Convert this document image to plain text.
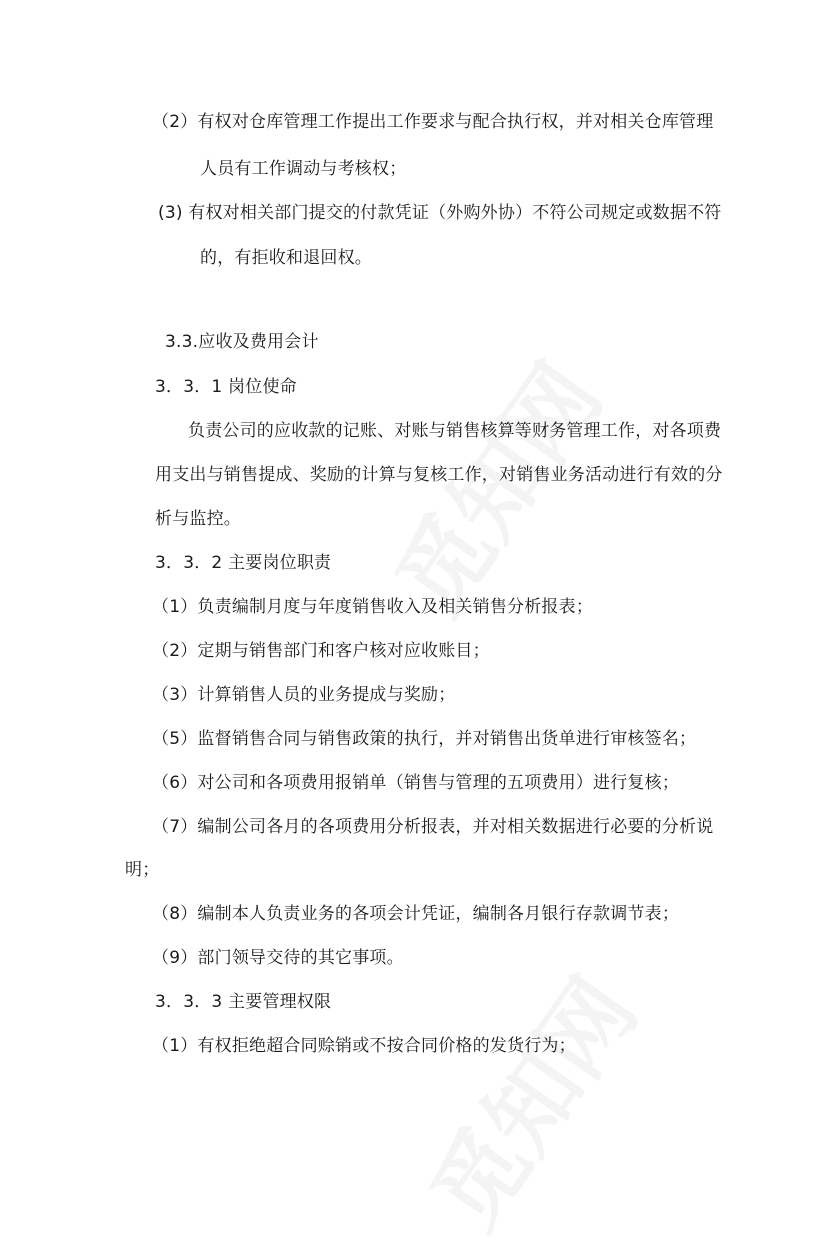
（2）有权对仓库管理工作提出工作要求与配合执行权，并对相关仓库管理
人员有工作调动与考核权；
(3) 有权对相关部门提交的付款凭证（外购外协）不符公司规定或数据不符
的，有拒收和退回权。
3.3.应收及费用会计
3．3．1 岗位使命
负责公司的应收款的记账、对账与销售核算等财务管理工作，对各项费
用支出与销售提成、奖励的计算与复核工作，对销售业务活动进行有效的分
析与监控。
3．3．2 主要岗位职责
（1）负责编制月度与年度销售收入及相关销售分析报表；
（2）定期与销售部门和客户核对应收账目；
（3）计算销售人员的业务提成与奖励；
（5）监督销售合同与销售政策的执行，并对销售出货单进行审核签名；
（6）对公司和各项费用报销单（销售与管理的五项费用）进行复核；
（7）编制公司各月的各项费用分析报表，并对相关数据进行必要的分析说
明；
（8）编制本人负责业务的各项会计凭证，编制各月银行存款调节表；
（9）部门领导交待的其它事项。
3．3．3 主要管理权限
（1）有权拒绝超合同赊销或不按合同价格的发货行为；
